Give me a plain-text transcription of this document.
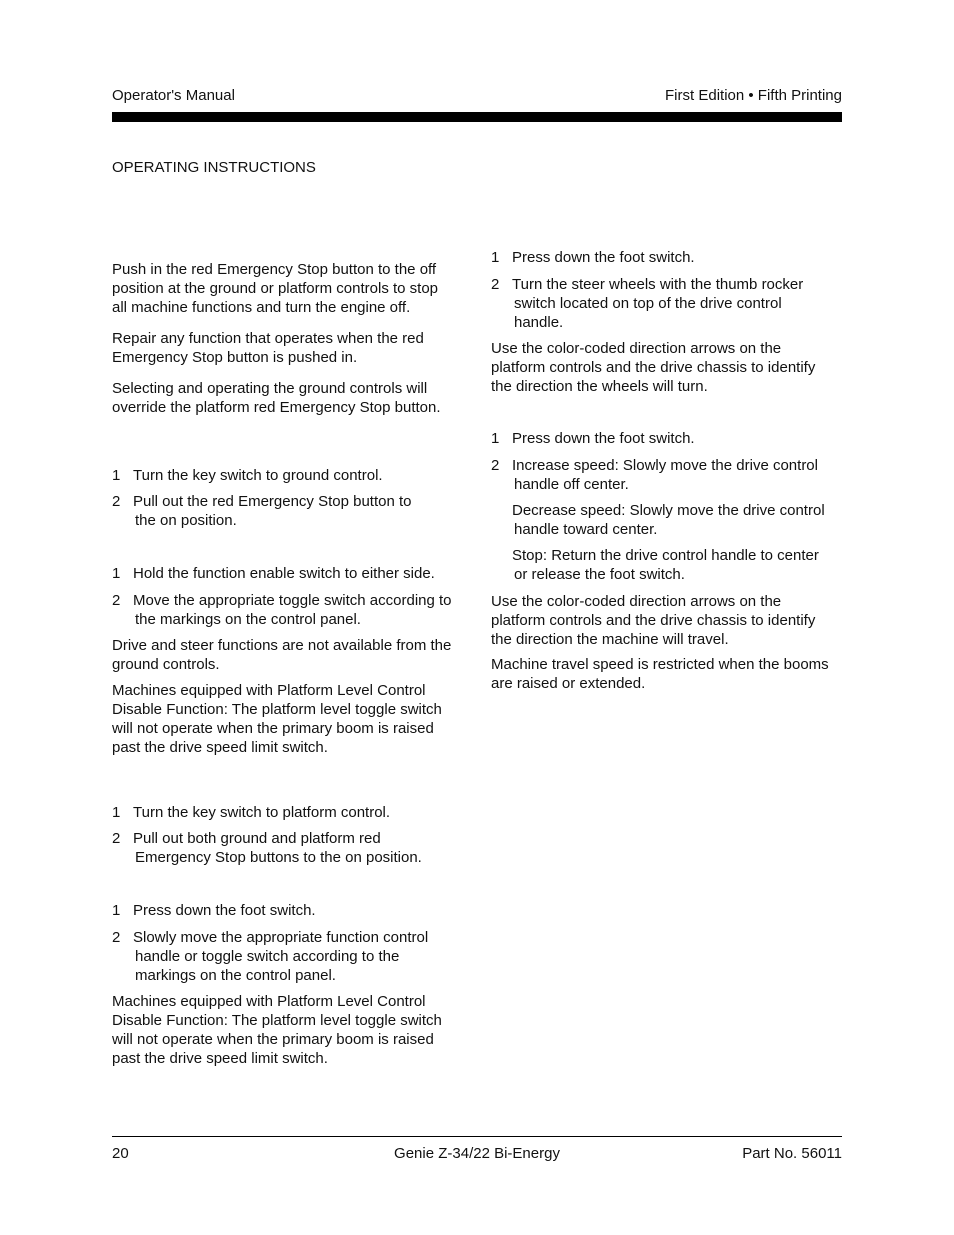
Operator's Manual	First Edition • Fifth Printing
OPERATING INSTRUCTIONS
Push in the red Emergency Stop button to the off
position at the ground or platform controls to stop
all machine functions and turn the engine off.
Repair any function that operates when the red
Emergency Stop button is pushed in.
Selecting and operating the ground controls will
override the platform red Emergency Stop button.
1 Turn the key switch to ground control.
2 Pull out the red Emergency Stop button to
the on position.
1 Hold the function enable switch to either side.
2 Move the appropriate toggle switch according to
the markings on the control panel.
Drive and steer functions are not available from the
ground controls.
Machines equipped with Platform Level Control
Disable Function: The platform level toggle switch
will not operate when the primary boom is raised
past the drive speed limit switch.
1 Turn the key switch to platform control.
2 Pull out both ground and platform red
Emergency Stop buttons to the on position.
1 Press down the foot switch.
2 Slowly move the appropriate function control
handle or toggle switch according to the
markings on the control panel.
Machines equipped with Platform Level Control
Disable Function: The platform level toggle switch
will not operate when the primary boom is raised
past the drive speed limit switch.
1 Press down the foot switch.
2 Turn the steer wheels with the thumb rocker
switch located on top of the drive control
handle.
Use the color-coded direction arrows on the
platform controls and the drive chassis to identify
the direction the wheels will turn.
1 Press down the foot switch.
2 Increase speed: Slowly move the drive control
handle off center.
Decrease speed: Slowly move the drive control
handle toward center.
Stop: Return the drive control handle to center
or release the foot switch.
Use the color-coded direction arrows on the
platform controls and the drive chassis to identify
the direction the machine will travel.
Machine travel speed is restricted when the booms
are raised or extended.
20	Genie Z-34/22 Bi-Energy	Part No. 56011
